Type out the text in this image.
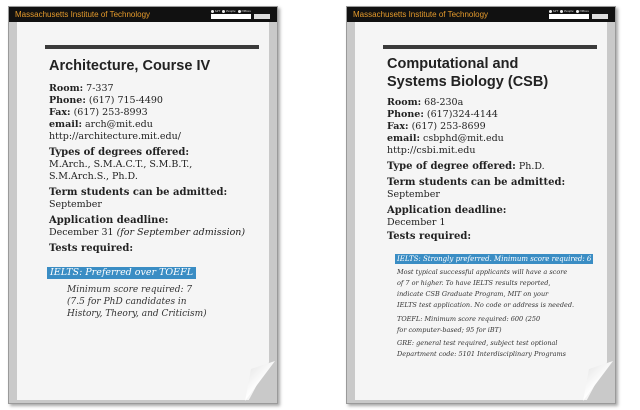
Massachusetts Institute of Technology	MIT People Offices
Architecture, Course IV
Room: 7-337
Phone: (617) 715-4490
Fax: (617) 253-8993
email: arch@mit.edu
http://architecture.mit.edu/
Types of degrees offered:
M.Arch., S.M.A.C.T., S.M.B.T.,
S.M.Arch.S., Ph.D.
Term students can be admitted:
September
Application deadline:
December 31 (for September admission)
Tests required:
IELTS: Preferred over TOEFL
Minimum score required: 7
(7.5 for PhD candidates in
History, Theory, and Criticism)
Massachusetts Institute of Technology	MIT People Offices
Computational and
Systems Biology (CSB)
Room: 68-230a
Phone: (617)324-4144
Fax: (617) 253-8699
email: csbphd@mit.edu
http://csbi.mit.edu
Type of degree offered: Ph.D.
Term students can be admitted:
September
Application deadline:
December 1
Tests required:
IELTS: Strongly preferred. Minimum score required: 6
Most typical successful applicants will have a score
of 7 or higher. To have IELTS results reported,
indicate CSB Graduate Program, MIT on your
IELTS test application. No code or address is needed.
TOEFL: Minimum score required: 600 (250
for computer-based; 95 for iBT)
GRE: general test required, subject test optional
Department code: 5101 Interdisciplinary Programs
